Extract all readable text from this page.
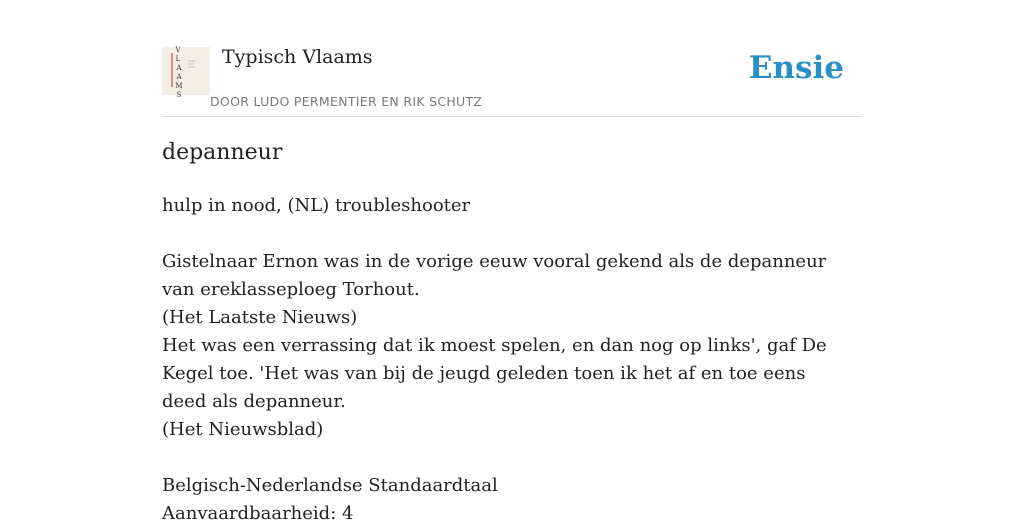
V
L
A
A
M
S
Typisch Vlaams
DOOR LUDO PERMENTIER EN RIK SCHUTZ
Ensie
depanneur

hulp in nood, (NL) troubleshooter

Gistelnaar Ernon was in de vorige eeuw vooral gekend als de depanneur van ereklasseploeg Torhout.

(Het Laatste Nieuws)

Het was een verrassing dat ik moest spelen, en dan nog op links', gaf De Kegel toe. 'Het was van bij de jeugd geleden toen ik het af en toe eens deed als depanneur.

(Het Nieuwsblad)

Belgisch-Nederlandse Standaardtaal

Aanvaardbaarheid: 4
